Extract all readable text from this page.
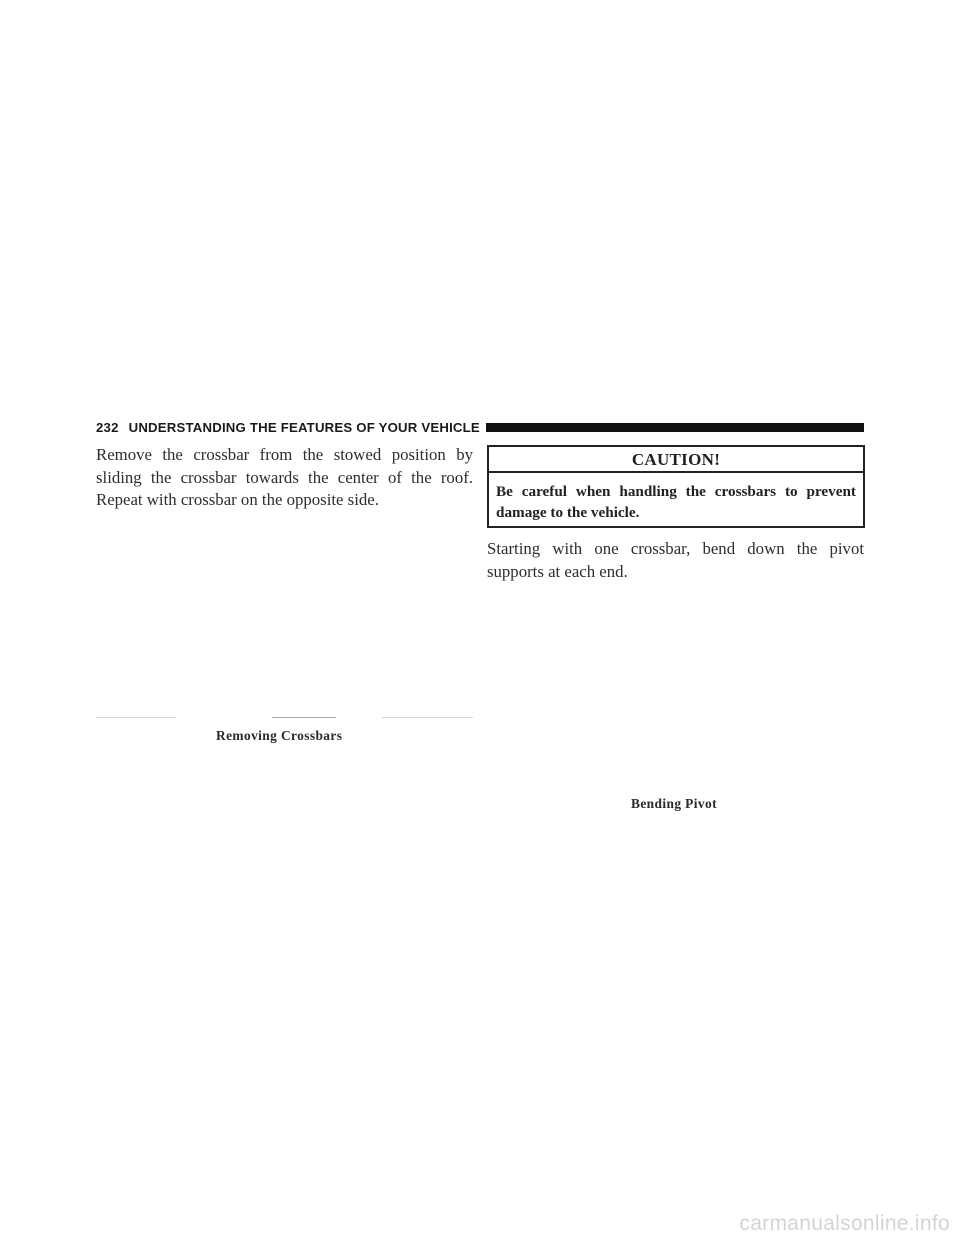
232 UNDERSTANDING THE FEATURES OF YOUR VEHICLE

Remove the crossbar from the stowed position by sliding the crossbar towards the center of the roof. Repeat with crossbar on the opposite side.

Removing Crossbars
CAUTION!
Be careful when handling the crossbars to prevent damage to the vehicle.

Starting with one crossbar, bend down the pivot supports at each end.

Bending Pivot
carmanualsonline.info
